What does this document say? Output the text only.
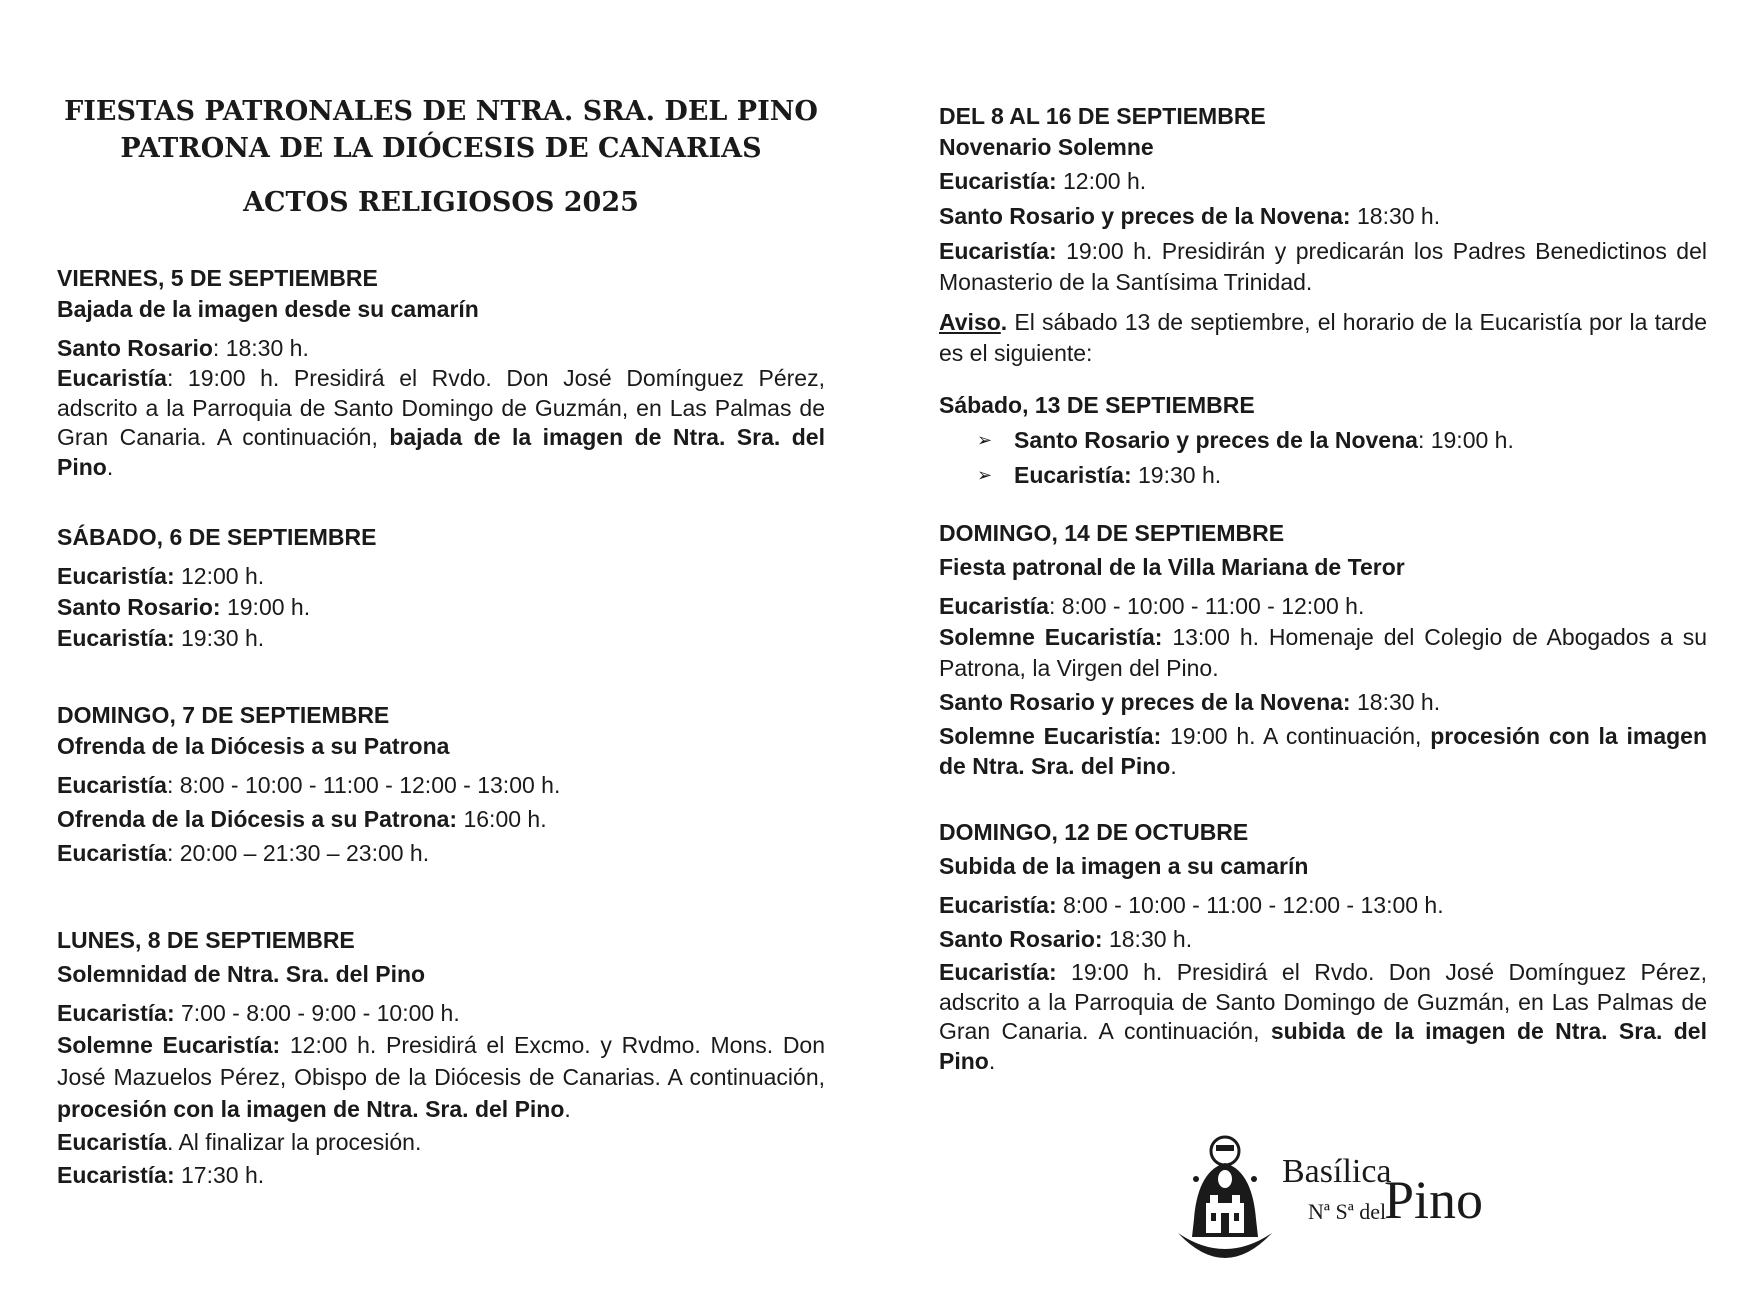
FIESTAS PATRONALES DE NTRA. SRA. DEL PINO
PATRONA DE LA DIÓCESIS DE CANARIAS
ACTOS RELIGIOSOS 2025
VIERNES, 5 DE SEPTIEMBRE
Bajada de la imagen desde su camarín
Santo Rosario: 18:30 h.
Eucaristía: 19:00 h. Presidirá el Rvdo. Don José Domínguez Pérez, adscrito a la Parroquia de Santo Domingo de Guzmán, en Las Palmas de Gran Canaria. A continuación, bajada de la imagen de Ntra. Sra. del Pino.
SÁBADO, 6 DE SEPTIEMBRE
Eucaristía: 12:00 h.
Santo Rosario: 19:00 h.
Eucaristía: 19:30 h.
DOMINGO, 7 DE SEPTIEMBRE
Ofrenda de la Diócesis a su Patrona
Eucaristía: 8:00 - 10:00 - 11:00 - 12:00 - 13:00 h.
Ofrenda de la Diócesis a su Patrona: 16:00 h.
Eucaristía: 20:00 – 21:30 – 23:00 h.
LUNES, 8 DE SEPTIEMBRE
Solemnidad de Ntra. Sra. del Pino
Eucaristía: 7:00 - 8:00 - 9:00 - 10:00 h.
Solemne Eucaristía: 12:00 h. Presidirá el Excmo. y Rvdmo. Mons. Don José Mazuelos Pérez, Obispo de la Diócesis de Canarias. A continuación, procesión con la imagen de Ntra. Sra. del Pino.
Eucaristía. Al finalizar la procesión.
Eucaristía: 17:30 h.
DEL 8 AL 16 DE SEPTIEMBRE
Novenario Solemne
Eucaristía: 12:00 h.
Santo Rosario y preces de la Novena: 18:30 h.
Eucaristía: 19:00 h. Presidirán y predicarán los Padres Benedictinos del Monasterio de la Santísima Trinidad.
Aviso. El sábado 13 de septiembre, el horario de la Eucaristía por la tarde es el siguiente:
Sábado, 13 DE SEPTIEMBRE
➢ Santo Rosario y preces de la Novena: 19:00 h.
➢ Eucaristía: 19:30 h.
DOMINGO, 14 DE SEPTIEMBRE
Fiesta patronal de la Villa Mariana de Teror
Eucaristía: 8:00 - 10:00 - 11:00 - 12:00 h.
Solemne Eucaristía: 13:00 h. Homenaje del Colegio de Abogados a su Patrona, la Virgen del Pino.
Santo Rosario y preces de la Novena: 18:30 h.
Solemne Eucaristía: 19:00 h. A continuación, procesión con la imagen de Ntra. Sra. del Pino.
DOMINGO, 12 DE OCTUBRE
Subida de la imagen a su camarín
Eucaristía: 8:00 - 10:00 - 11:00 - 12:00 - 13:00 h.
Santo Rosario: 18:30 h.
Eucaristía: 19:00 h. Presidirá el Rvdo. Don José Domínguez Pérez, adscrito a la Parroquia de Santo Domingo de Guzmán, en Las Palmas de Gran Canaria. A continuación, subida de la imagen de Ntra. Sra. del Pino.
Basílica
Nª Sª del
Pino
